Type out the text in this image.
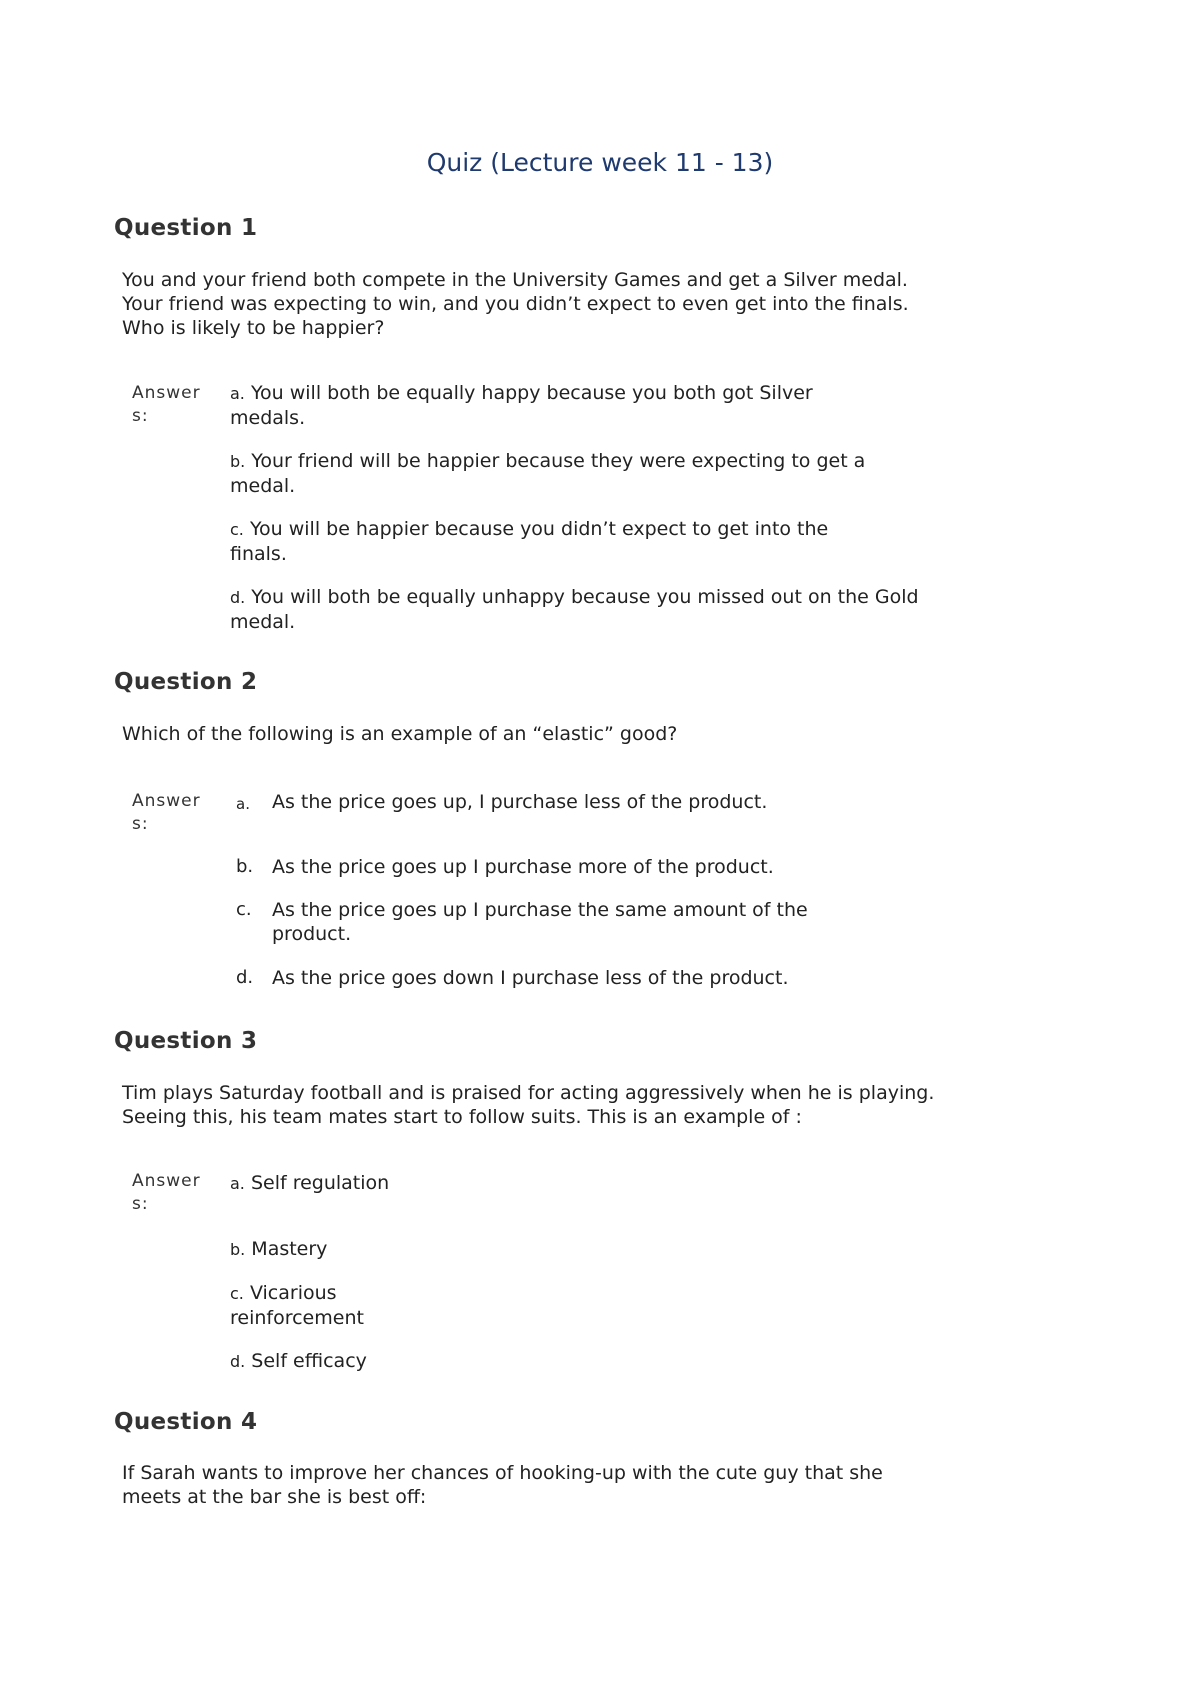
Quiz (Lecture week 11 - 13)
Question 1

You and your friend both compete in the University Games and get a Silver medal.
Your friend was expecting to win, and you didn’t expect to even get into the finals.
Who is likely to be happier?

Answers:

a. You will both be equally happy because you both got Silver medals.

b. Your friend will be happier because they were expecting to get a medal.

c. You will be happier because you didn’t expect to get into the finals.

d. You will both be equally unhappy because you missed out on the Gold medal.

Question 2

Which of the following is an example of an “elastic” good?

Answers:

a.	As the price goes up, I purchase less of the product.

b. As the price goes up I purchase more of the product.

c.	As the price goes up I purchase the same amount of the product.

d. As the price goes down I purchase less of the product.

Question 3

Tim plays Saturday football and is praised for acting aggressively when he is playing.
Seeing this, his team mates start to follow suits. This is an example of :

Answers:

a. Self regulation

b. Mastery

c. Vicarious reinforcement

d. Self efficacy

Question 4

If Sarah wants to improve her chances of hooking-up with the cute guy that she
meets at the bar she is best off:
